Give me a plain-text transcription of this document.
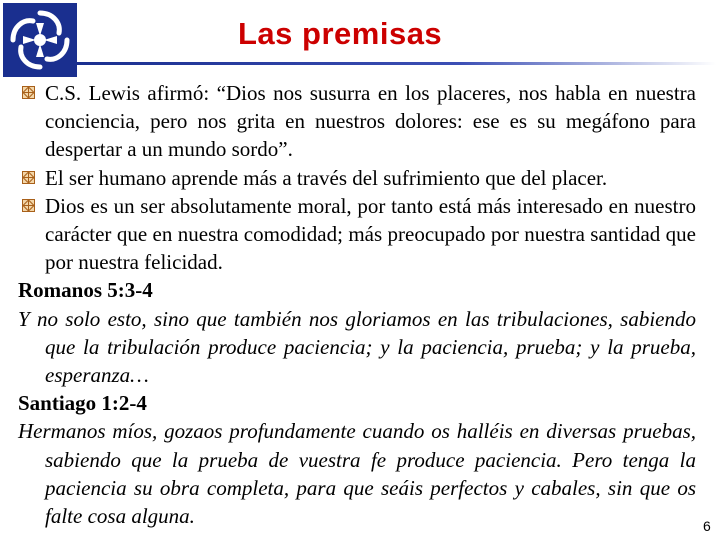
Las premisas
C.S. Lewis afirmó: “Dios nos susurra en los placeres, nos habla en nuestra conciencia, pero nos grita en nuestros dolores: ese es su megáfono para despertar a un mundo sordo”.
El ser humano aprende más a través del sufrimiento que del placer.
Dios es un ser absolutamente moral, por tanto está más interesado en nuestro carácter que en nuestra comodidad; más preocupado por nuestra santidad que por nuestra felicidad.
Romanos 5:3-4
Y no solo esto, sino que también nos gloriamos en las tribulaciones, sabiendo que la tribulación produce paciencia; y la paciencia, prueba; y la prueba, esperanza…
Santiago 1:2-4
Hermanos míos, gozaos profundamente cuando os halléis en diversas pruebas, sabiendo que la prueba de vuestra fe produce paciencia. Pero tenga la paciencia su obra completa, para que seáis perfectos y cabales, sin que os falte cosa alguna.	6
